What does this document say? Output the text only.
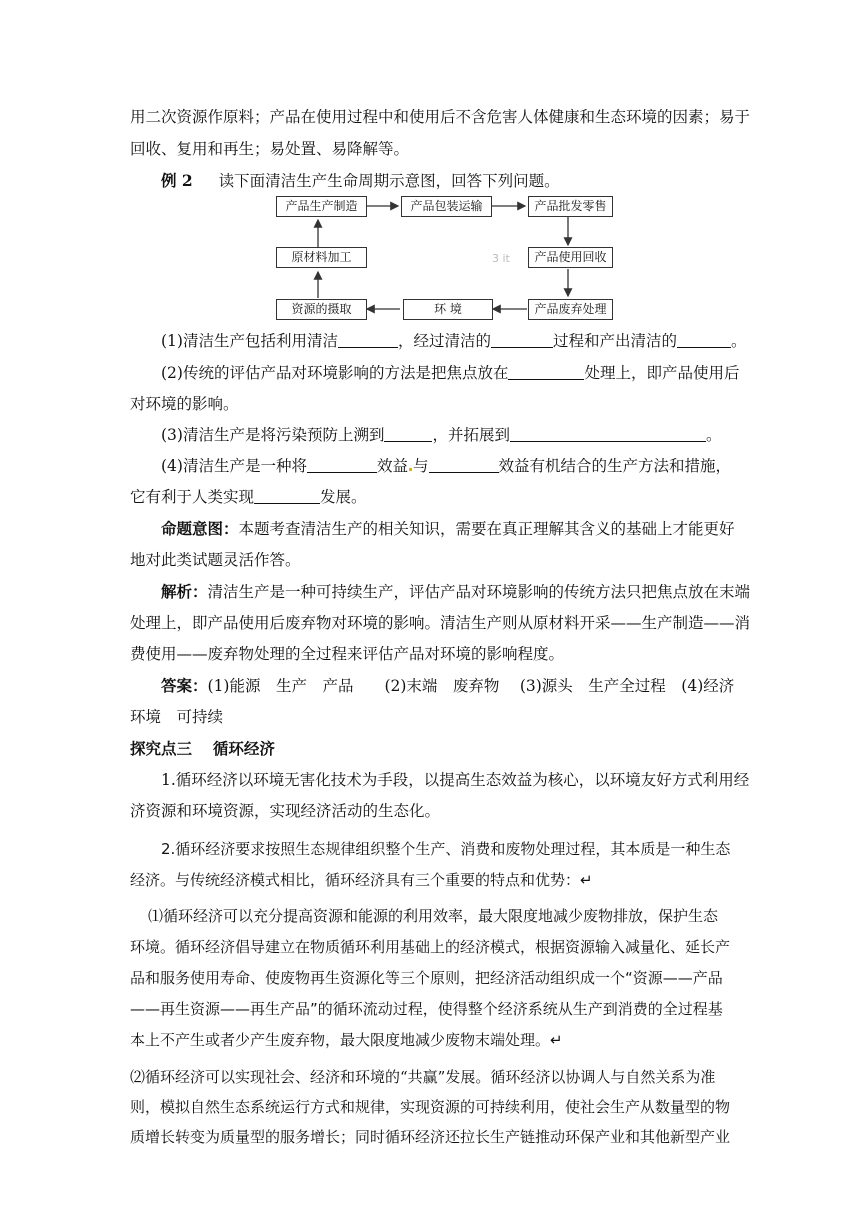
用二次资源作原料；产品在使用过程中和使用后不含危害人体健康和生态环境的因素；易于
回收、复用和再生；易处置、易降解等。
例 2 读下面清洁生产生命周期示意图，回答下列问题。
产品生产制造	产品包装运输	产品批发零售
产品使用回收
产品废弃处理
环 境
资源的摄取
原材料加工	3 it
(1)清洁生产包括利用清洁	，经过清洁的	过程和产出清洁的	。
(2)传统的评估产品对环境影响的方法是把焦点放在	处理上，即产品使用后
对环境的影响。
(3)清洁生产是将污染预防上溯到	，并拓展到	。
(4)清洁生产是一种将	效益 与	效益有机结合的生产方法和措施，
它有利于人类实现	发展。
命题意图：本题考查清洁生产的相关知识，需要在真正理解其含义的基础上才能更好
地对此类试题灵活作答。
解析：清洁生产是一种可持续生产，评估产品对环境影响的传统方法只把焦点放在末端
处理上，即产品使用后废弃物对环境的影响。清洁生产则从原材料开采——生产制造——消
费使用——废弃物处理的全过程来评估产品对环境的影响程度。
答案：(1)能源　生产　产品　　(2)末端　废弃物　 (3)源头　生产全过程　(4)经济
环境　可持续
探究点三　 循环经济
1.循环经济以环境无害化技术为手段，以提高生态效益为核心，以环境友好方式利用经
济资源和环境资源，实现经济活动的生态化。
2.循环经济要求按照生态规律组织整个生产、消费和废物处理过程，其本质是一种生态
经济。与传统经济模式相比，循环经济具有三个重要的特点和优势：↵
⑴循环经济可以充分提高资源和能源的利用效率，最大限度地减少废物排放，保护生态
环境。循环经济倡导建立在物质循环利用基础上的经济模式，根据资源输入减量化、延长产
品和服务使用寿命、使废物再生资源化等三个原则，把经济活动组织成一个“资源——产品
——再生资源——再生产品”的循环流动过程，使得整个经济系统从生产到消费的全过程基
本上不产生或者少产生废弃物，最大限度地减少废物末端处理。↵
⑵循环经济可以实现社会、经济和环境的“共赢”发展。循环经济以协调人与自然关系为准
则，模拟自然生态系统运行方式和规律，实现资源的可持续利用，使社会生产从数量型的物
质增长转变为质量型的服务增长；同时循环经济还拉长生产链推动环保产业和其他新型产业
